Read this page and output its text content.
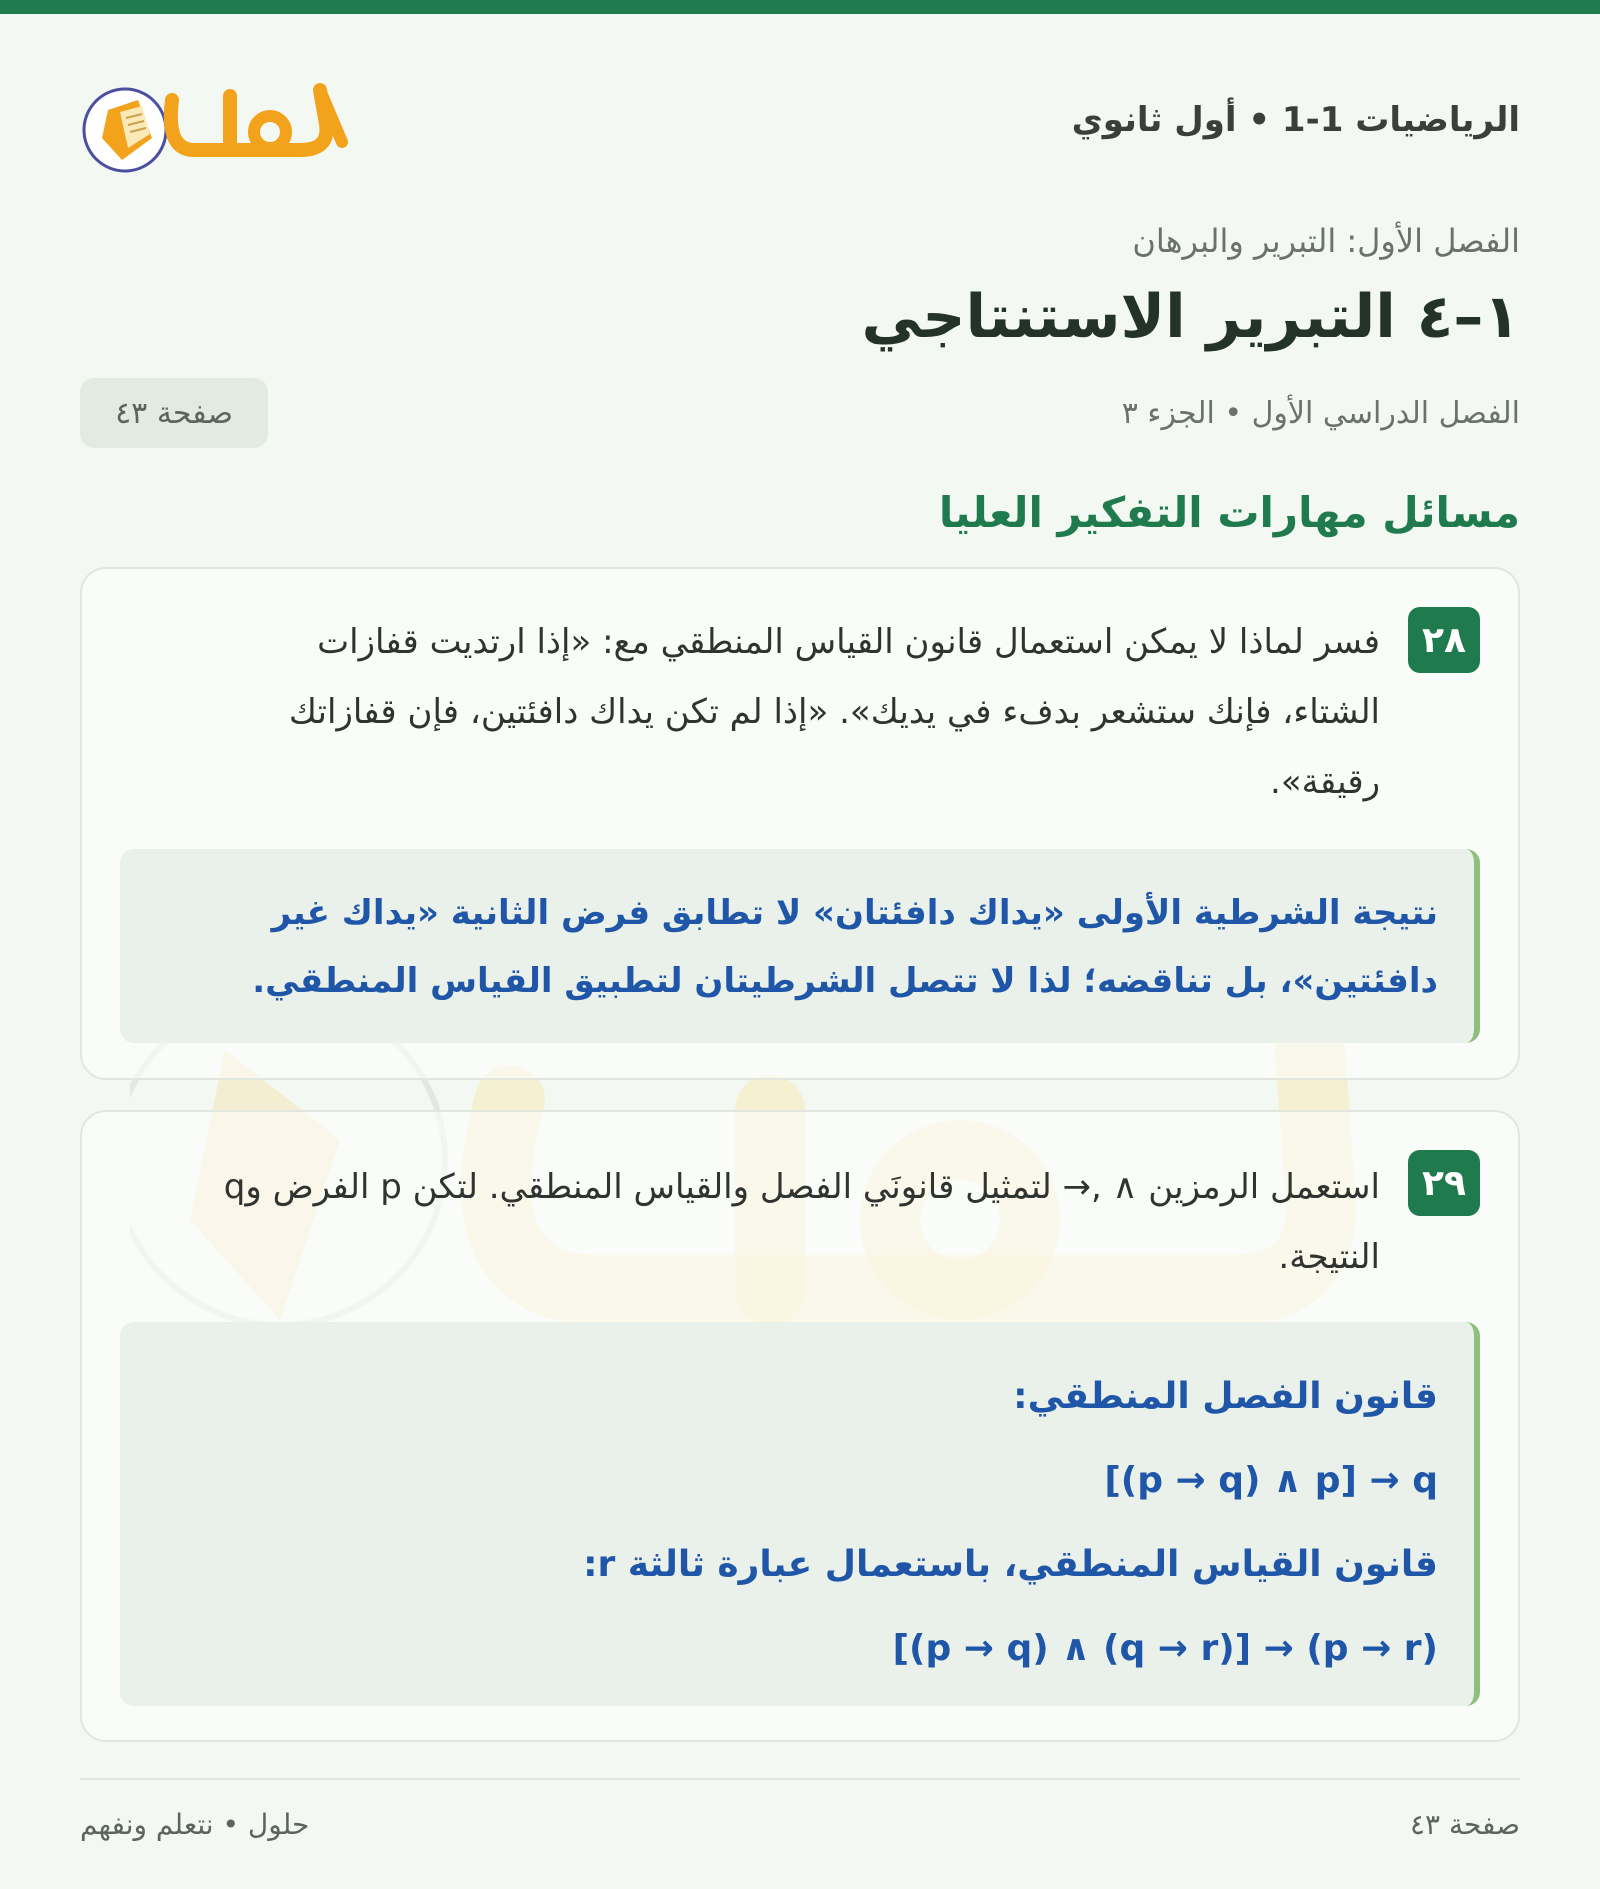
الرياضيات 1-1 • أول ثانوي
الفصل الأول: التبرير والبرهان
١–٤ التبرير الاستنتاجي
الفصل الدراسي الأول • الجزء ٣
صفحة ٤٣
مسائل مهارات التفكير العليا
٢٨
فسر لماذا لا يمكن استعمال قانون القياس المنطقي مع: «إذا ارتديت قفازات الشتاء، فإنك ستشعر بدفء في يديك». «إذا لم تكن يداك دافئتين، فإن قفازاتك رقيقة».
نتيجة الشرطية الأولى «يداك دافئتان» لا تطابق فرض الثانية «يداك غير دافئتين»، بل تناقضه؛ لذا لا تتصل الشرطيتان لتطبيق القياس المنطقي.
٢٩
استعمل الرمزين ∧ ,→ لتمثيل قانونَي الفصل والقياس المنطقي. لتكن p الفرض وq النتيجة.
قانون الفصل المنطقي:
[(p → q) ∧ p] → q
قانون القياس المنطقي، باستعمال عبارة ثالثة r:
[(p → q) ∧ (q → r)] → (p → r)
صفحة ٤٣
حلول • نتعلم ونفهم
